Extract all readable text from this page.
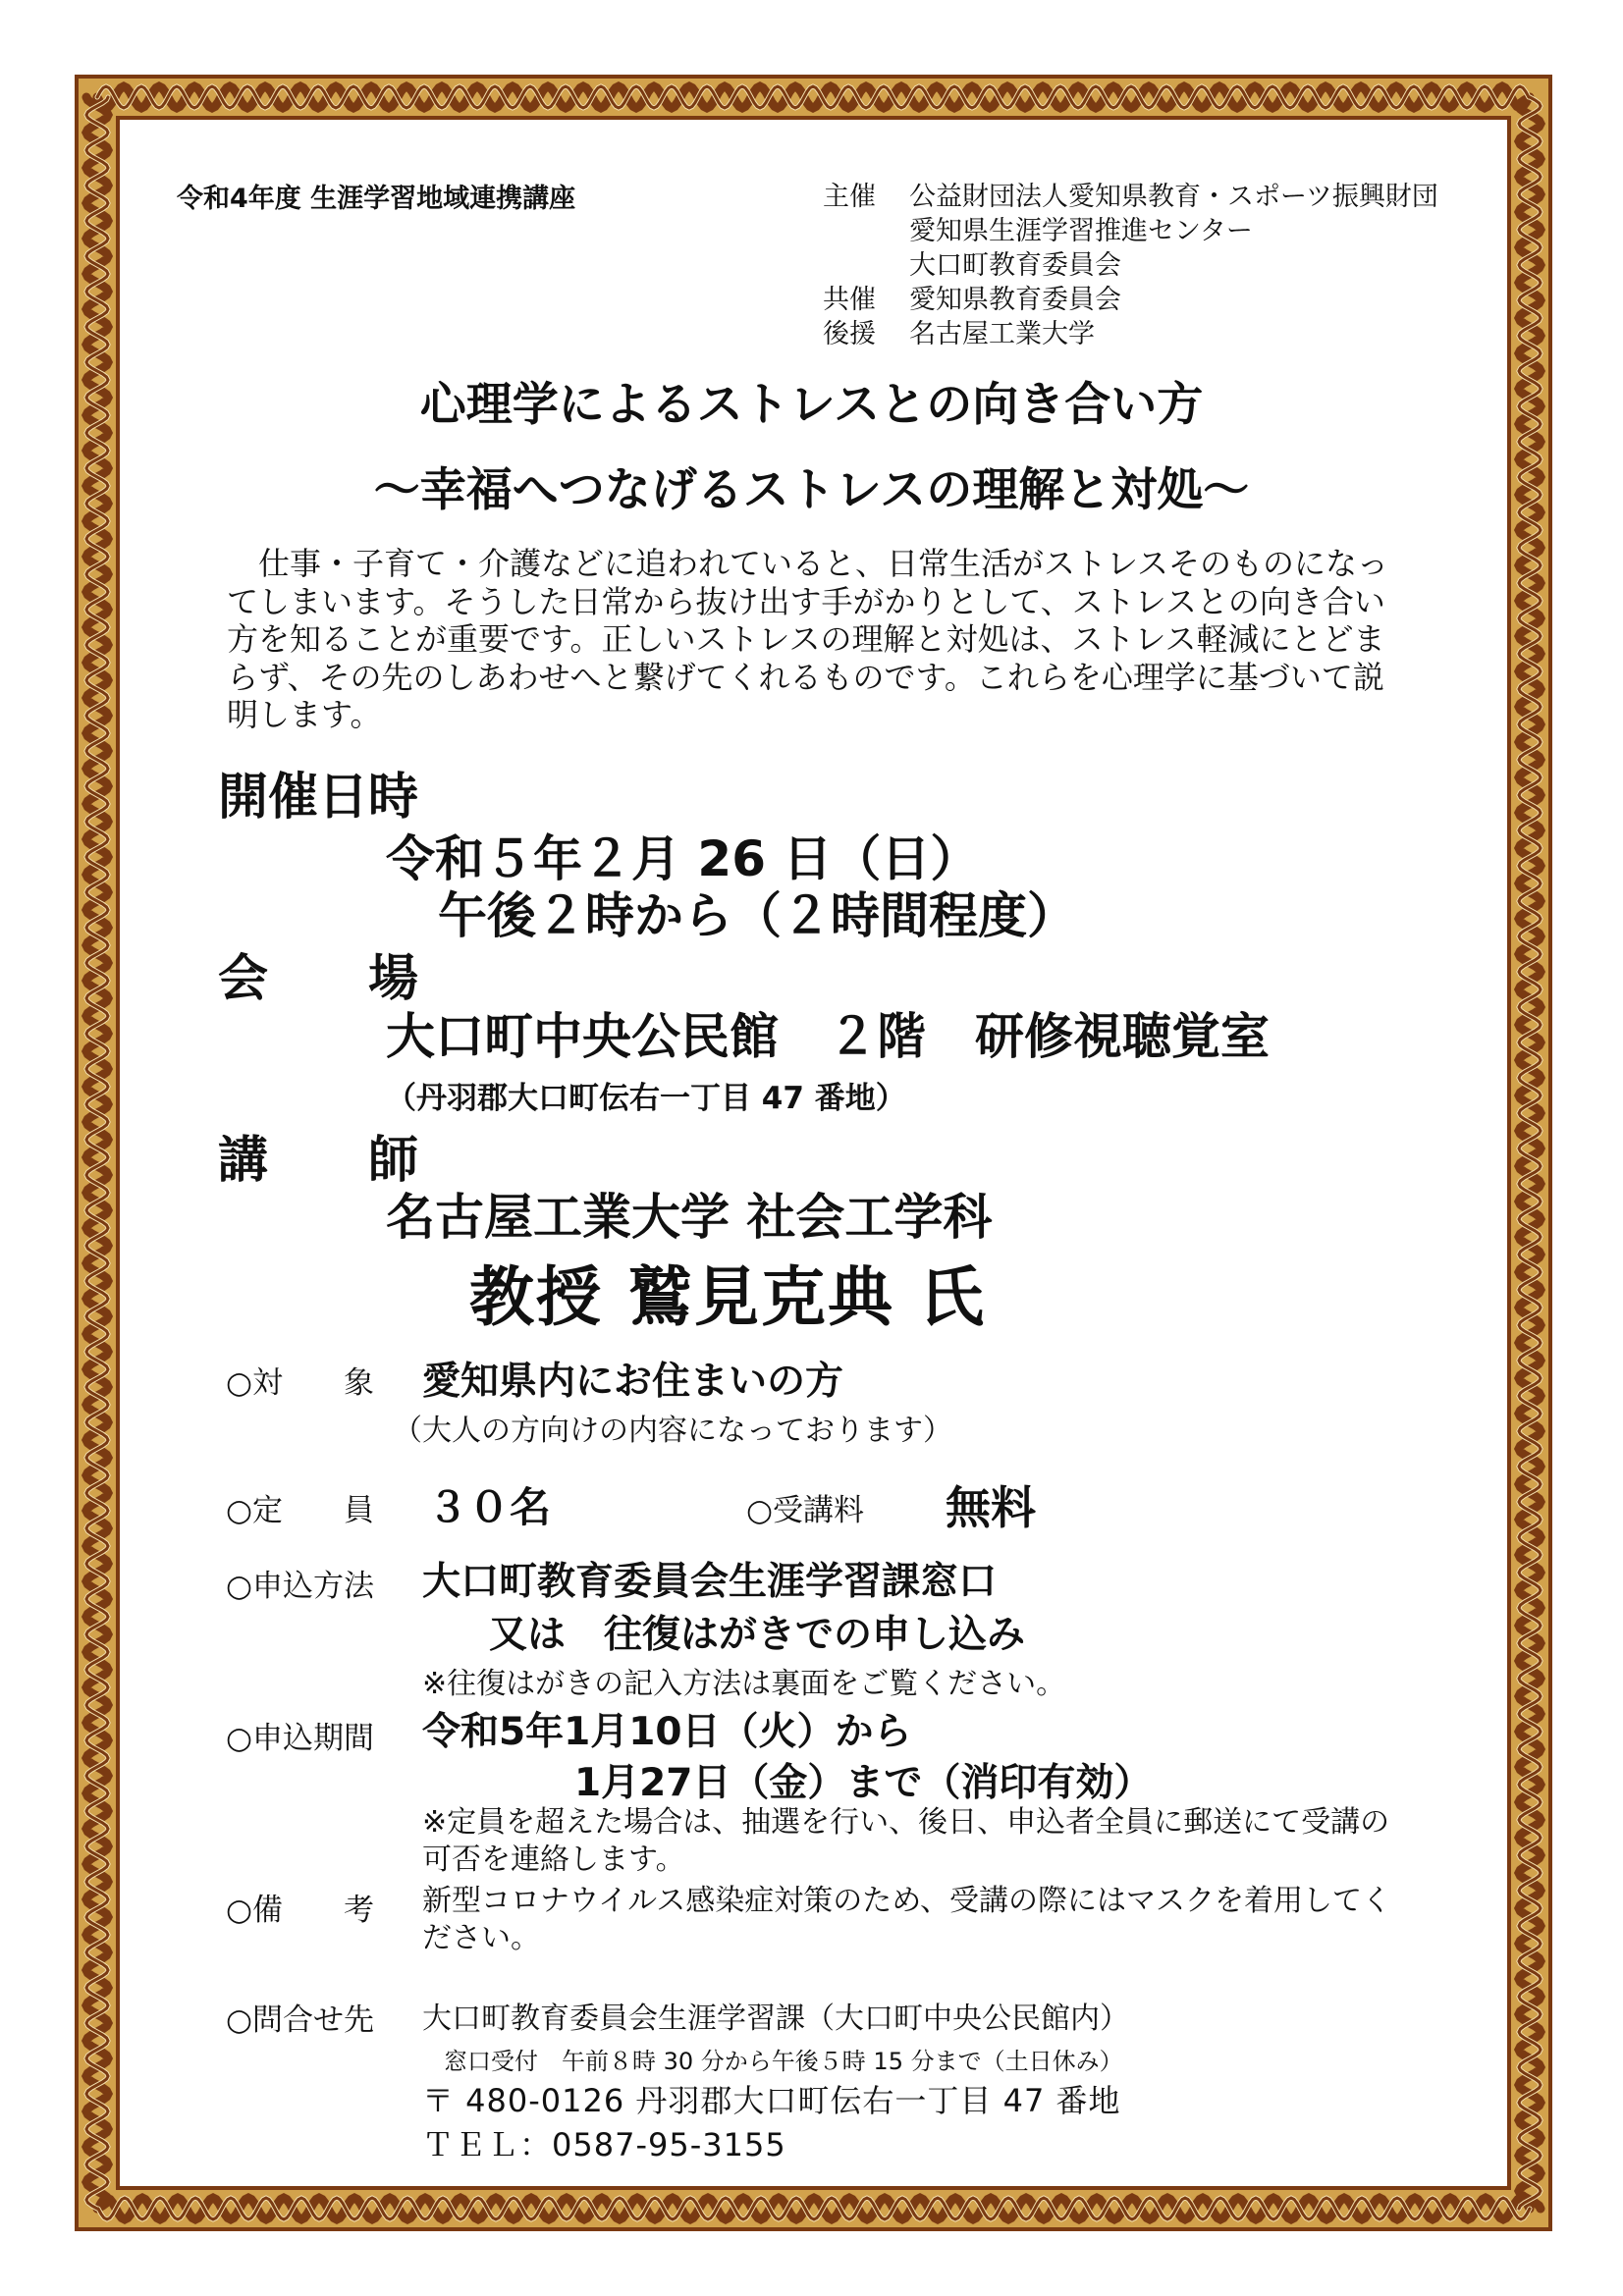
令和4年度 生涯学習地域連携講座	主催 公益財団法人愛知県教育・スポーツ振興財団
愛知県生涯学習推進センター
大口町教育委員会
共催 愛知県教育委員会
後援 名古屋工業大学
心理学によるストレスとの向き合い方
～幸福へつなげるストレスの理解と対処～
仕事・子育て・介護などに追われていると、日常生活がストレスそのものになってしまいます。そうした日常から抜け出す手がかりとして、ストレスとの向き合い方を知ることが重要です。正しいストレスの理解と対処は、ストレス軽減にとどまらず、その先のしあわせへと繋げてくれるものです。これらを心理学に基づいて説明します。
開催日時
令和５年２月 26 日（日）
午後２時から（２時間程度）
会　　場
大口町中央公民館　２階　研修視聴覚室
（丹羽郡大口町伝右一丁目 47 番地）
講　　師
名古屋工業大学 社会工学科
教授 鷲見克典 氏
○対　　象 愛知県内にお住まいの方
（大人の方向けの内容になっております）
○定　　員 ３０名	○受講料 無料
○申込方法 大口町教育委員会生涯学習課窓口
又は　往復はがきでの申し込み
※往復はがきの記入方法は裏面をご覧ください。
○申込期間 令和5年1月10日（火）から
1月27日（金）まで（消印有効）
※定員を超えた場合は、抽選を行い、後日、申込者全員に郵送にて受講の可否を連絡します。
○備　　考 新型コロナウイルス感染症対策のため、受講の際にはマスクを着用してください。
○問合せ先 大口町教育委員会生涯学習課（大口町中央公民館内）
窓口受付　午前８時 30 分から午後５時 15 分まで（土日休み）
〒 480-0126 丹羽郡大口町伝右一丁目 47 番地
ＴＥＬ：0587-95-3155
